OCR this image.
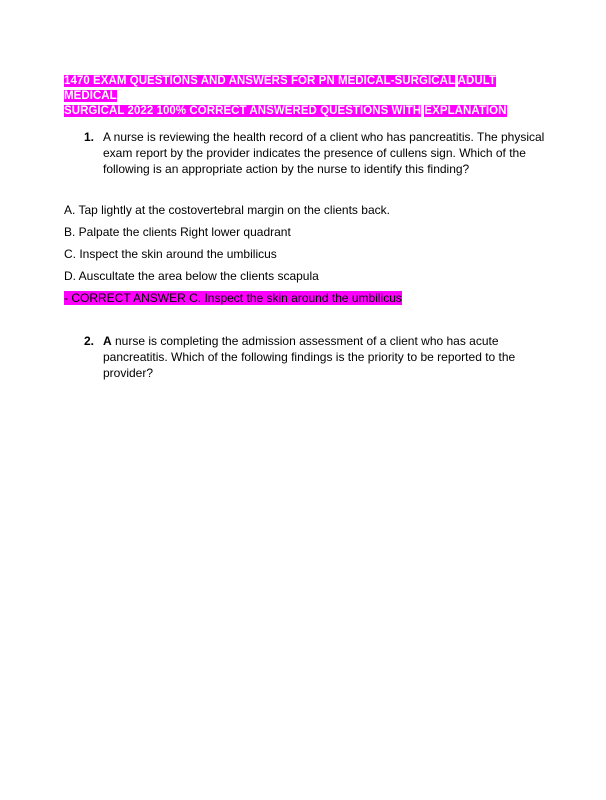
1470 EXAM QUESTIONS AND ANSWERS FOR PN MEDICAL-SURGICAL ADULT MEDICAL
SURGICAL 2022 100% CORRECT ANSWERED QUESTIONS WITH EXPLANATION
1. A nurse is reviewing the health record of a client who has pancreatitis. The physical exam report by the provider indicates the presence of cullens sign. Which of the following is an appropriate action by the nurse to identify this finding?
A. Tap lightly at the costovertebral margin on the clients back.
B. Palpate the clients Right lower quadrant
C. Inspect the skin around the umbilicus
D. Auscultate the area below the clients scapula
- CORRECT ANSWER C. Inspect the skin around the umbilicus
2. A nurse is completing the admission assessment of a client who has acute pancreatitis. Which of the following findings is the priority to be reported to the provider?
